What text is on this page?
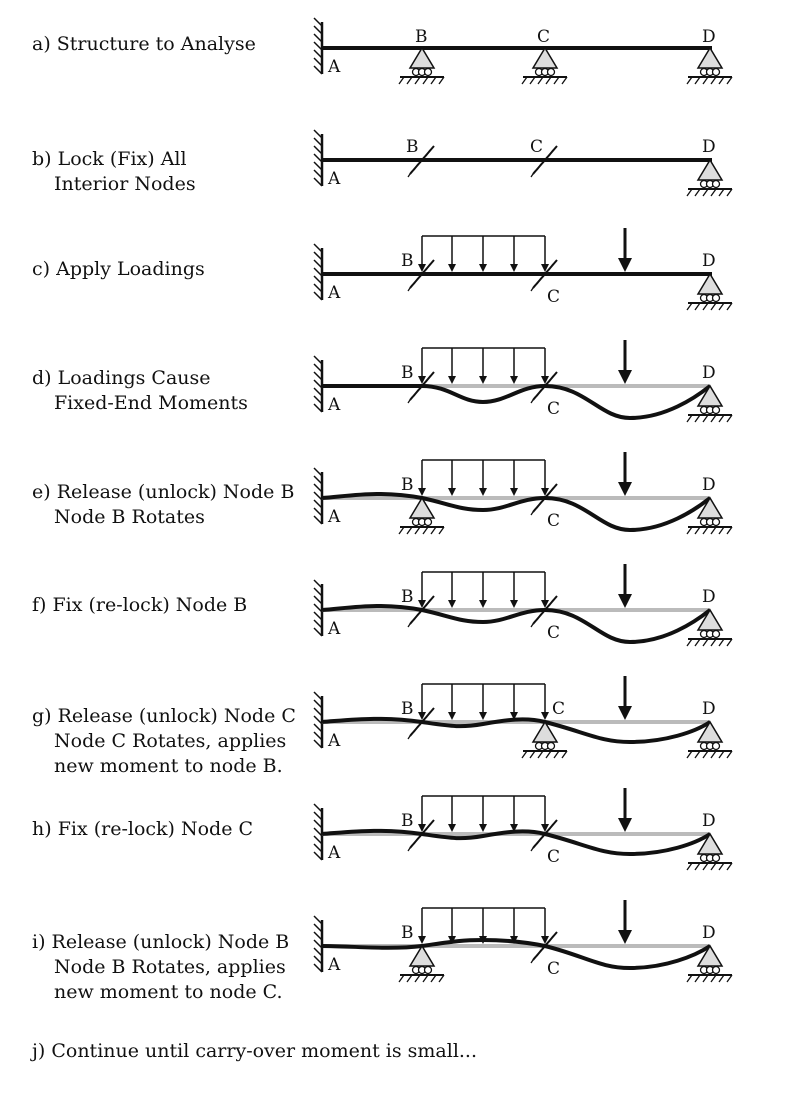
a) Structure to Analyse
A
B	C	D
b) Lock (Fix) All
Interior Nodes	A
B	C	D
c) Apply Loadings
A
B
C
D
d) Loadings Cause
Fixed-End Moments	A
B
C
D
e) Release (unlock) Node B
Node B Rotates	A
B
C
D
f) Fix (re-lock) Node B
A
B
C
D
g) Release (unlock) Node C
Node C Rotates, applies
new moment to node B.
A
B	C	D
h) Fix (re-lock) Node C
A
B
C
D
i) Release (unlock) Node B
Node B Rotates, applies
new moment to node C.
A
B
C
D
j) Continue until carry-over moment is small...
